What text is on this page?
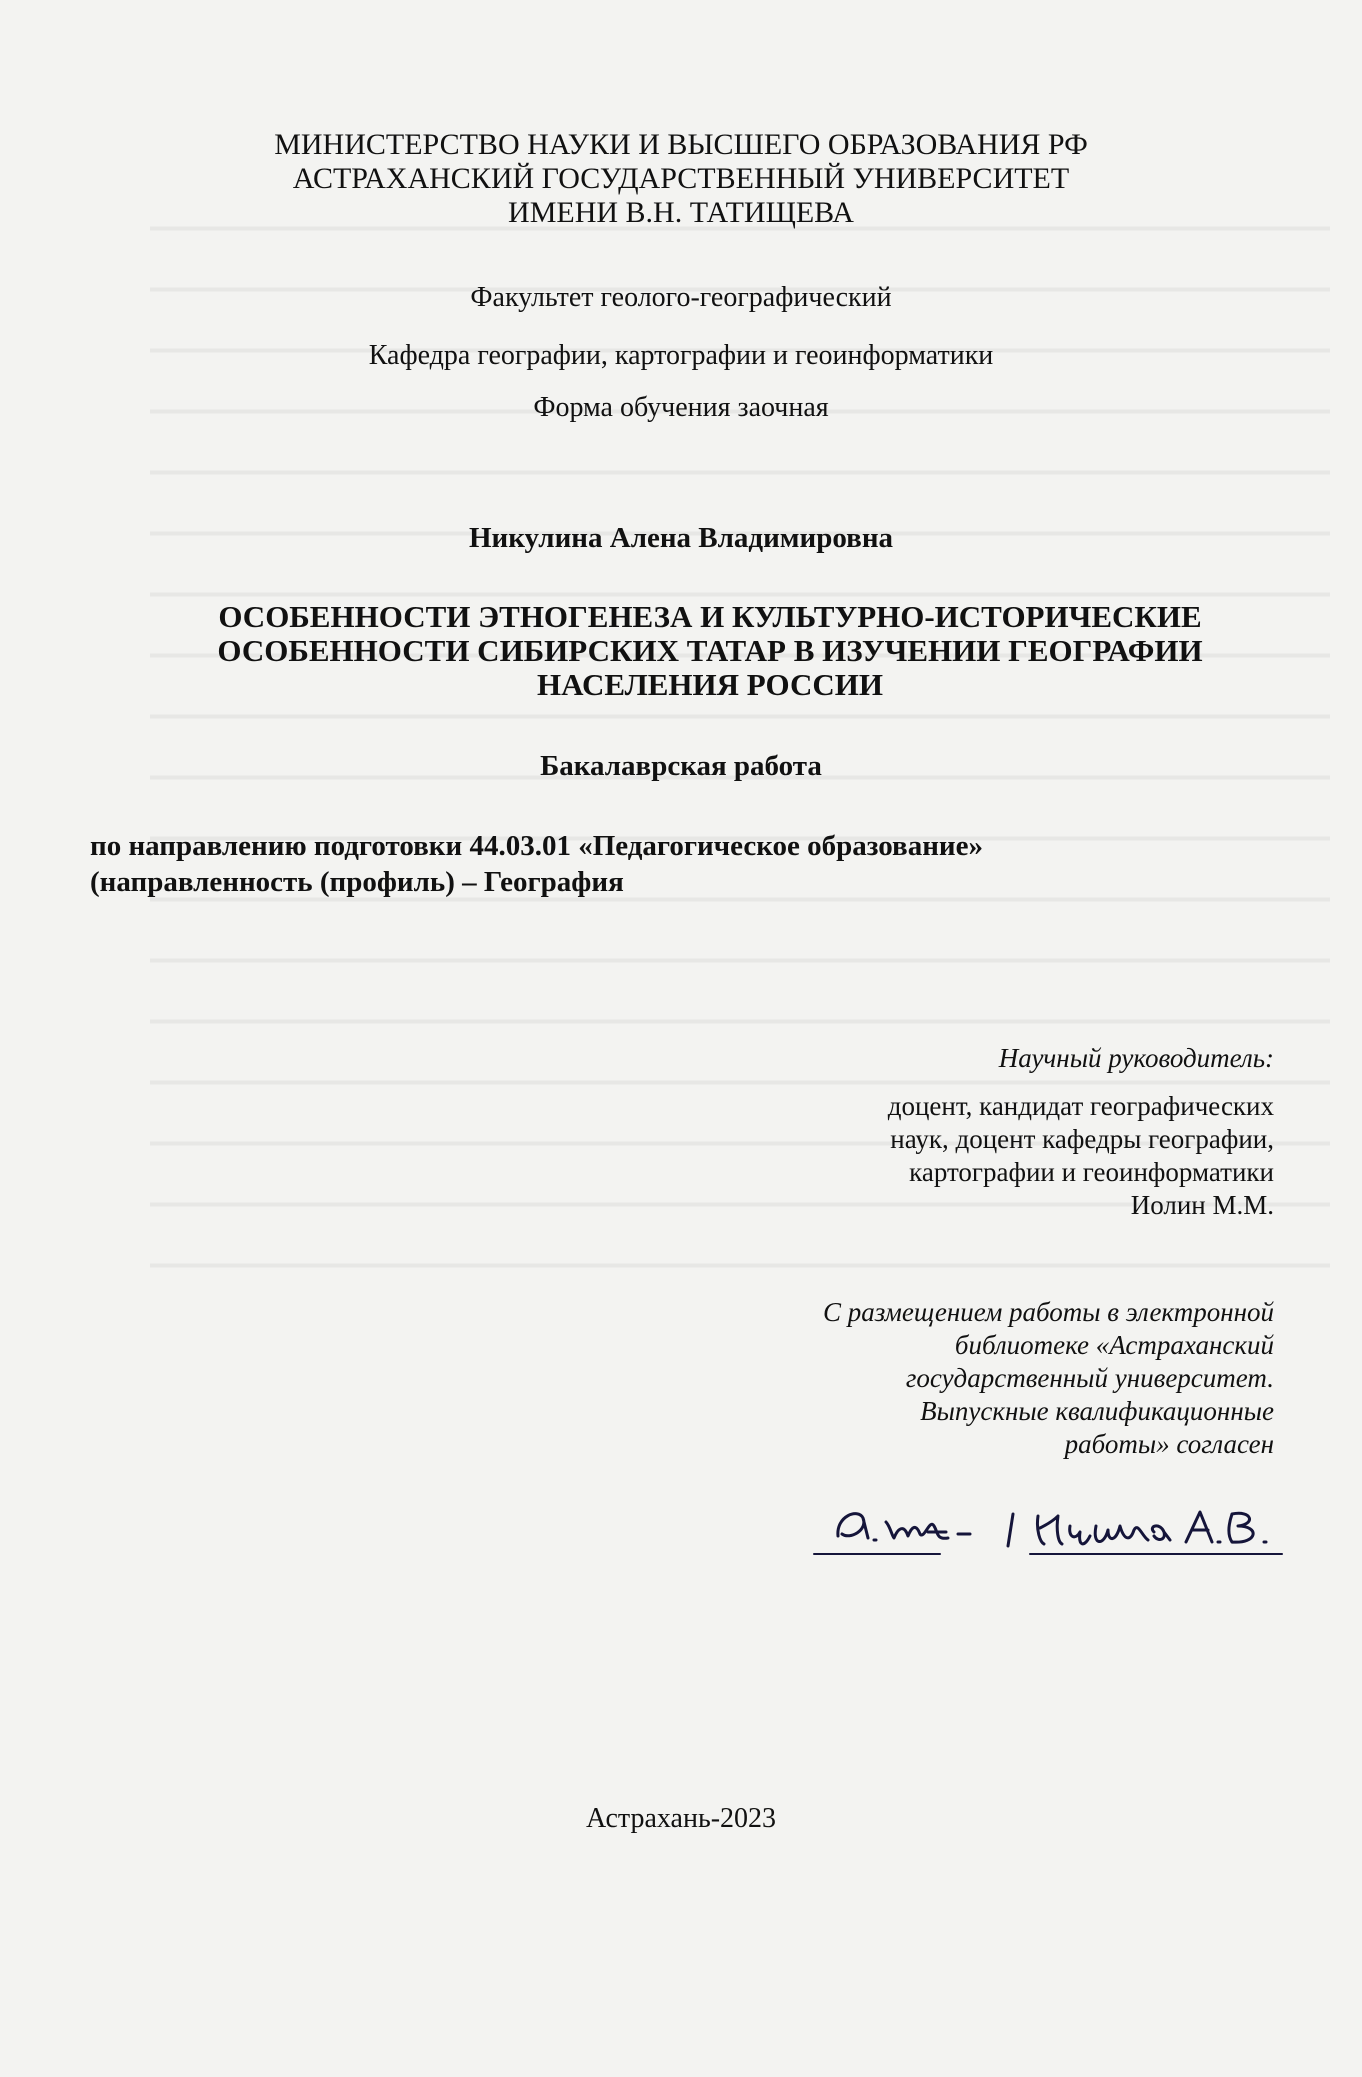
МИНИСТЕРСТВО НАУКИ И ВЫСШЕГО ОБРАЗОВАНИЯ РФ
АСТРАХАНСКИЙ ГОСУДАРСТВЕННЫЙ УНИВЕРСИТЕТ
ИМЕНИ В.Н. ТАТИЩЕВА
Факультет геолого-географический
Кафедра географии, картографии и геоинформатики
Форма обучения заочная
Никулина Алена Владимировна
ОСОБЕННОСТИ ЭТНОГЕНЕЗА И КУЛЬТУРНО-ИСТОРИЧЕСКИЕ
ОСОБЕННОСТИ СИБИРСКИХ ТАТАР В ИЗУЧЕНИИ ГЕОГРАФИИ
НАСЕЛЕНИЯ РОССИИ
Бакалаврская работа
по направлению подготовки 44.03.01 «Педагогическое образование»
(направленность (профиль) – География
Научный руководитель:
доцент, кандидат географических
наук, доцент кафедры географии,
картографии и геоинформатики
Иолин М.М.
С размещением работы в электронной
библиотеке «Астраханский
государственный университет.
Выпускные квалификационные
работы» согласен
А.Ник. / Никулина А.В.
Астрахань-2023
